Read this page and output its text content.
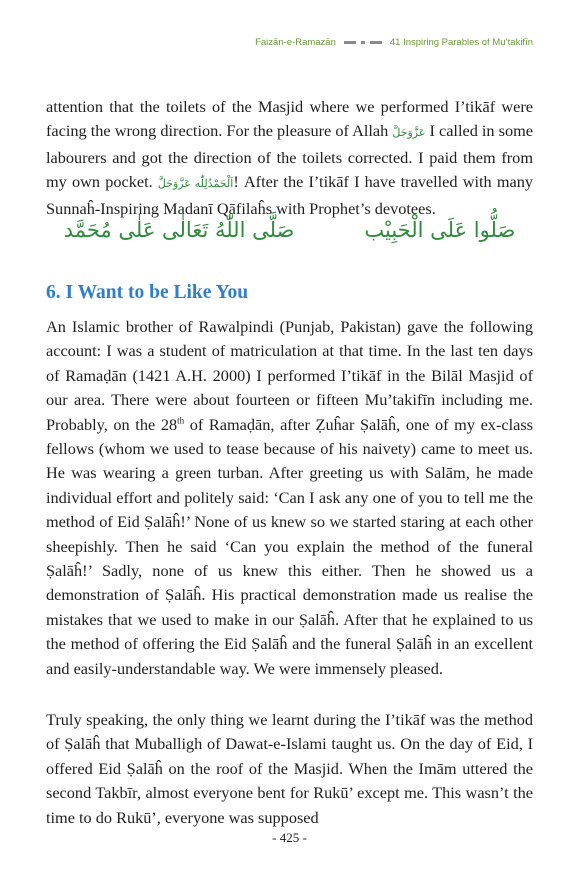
Faizān-e-Ramazān	41 Inspiring Parables of Mu’takifīn

attention that the toilets of the Masjid where we performed I’tikāf were facing the wrong direction. For the pleasure of Allah عَزَّوَجَلَّ I called in some labourers and got the direction of the toilets corrected. I paid them from my own pocket. اَلْحَمْدُلِلّٰه عَزَّوَجَلَّ! After the I’tikāf I have travelled with many Sunnaĥ-Inspiring Madanī Qāfilaĥs with Prophet’s devotees.

صَلُّوا عَلَى الْحَبِيْب
صَلَّى اللّٰهُ تَعَالٰى عَلٰى مُحَمَّد
6. I Want to be Like You

An Islamic brother of Rawalpindi (Punjab, Pakistan) gave the following account: I was a student of matriculation at that time. In the last ten days of Ramaḍān (1421 A.H. 2000) I performed I’tikāf in the Bilāl Masjid of our area. There were about fourteen or fifteen Mu’takifīn including me. Probably, on the 28th of Ramaḍān, after Ẓuĥar Ṣalāĥ, one of my ex-class fellows (whom we used to tease because of his naivety) came to meet us. He was wearing a green turban. After greeting us with Salām, he made individual effort and politely said: ‘Can I ask any one of you to tell me the method of Eid Ṣalāĥ!’ None of us knew so we started staring at each other sheepishly. Then he said ‘Can you explain the method of the funeral Ṣalāĥ!’ Sadly, none of us knew this either. Then he showed us a demonstration of Ṣalāĥ. His practical demonstration made us realise the mistakes that we used to make in our Ṣalāĥ. After that he explained to us the method of offering the Eid Ṣalāĥ and the funeral Ṣalāĥ in an excellent and easily-understandable way. We were immensely pleased.

Truly speaking, the only thing we learnt during the I’tikāf was the method of Ṣalāĥ that Muballigh of Dawat-e-Islami taught us. On the day of Eid, I offered Eid Ṣalāĥ on the roof of the Masjid. When the Imām uttered the second Takbīr, almost everyone bent for Rukū’ except me. This wasn’t the time to do Rukū’, everyone was supposed

- 425 -
